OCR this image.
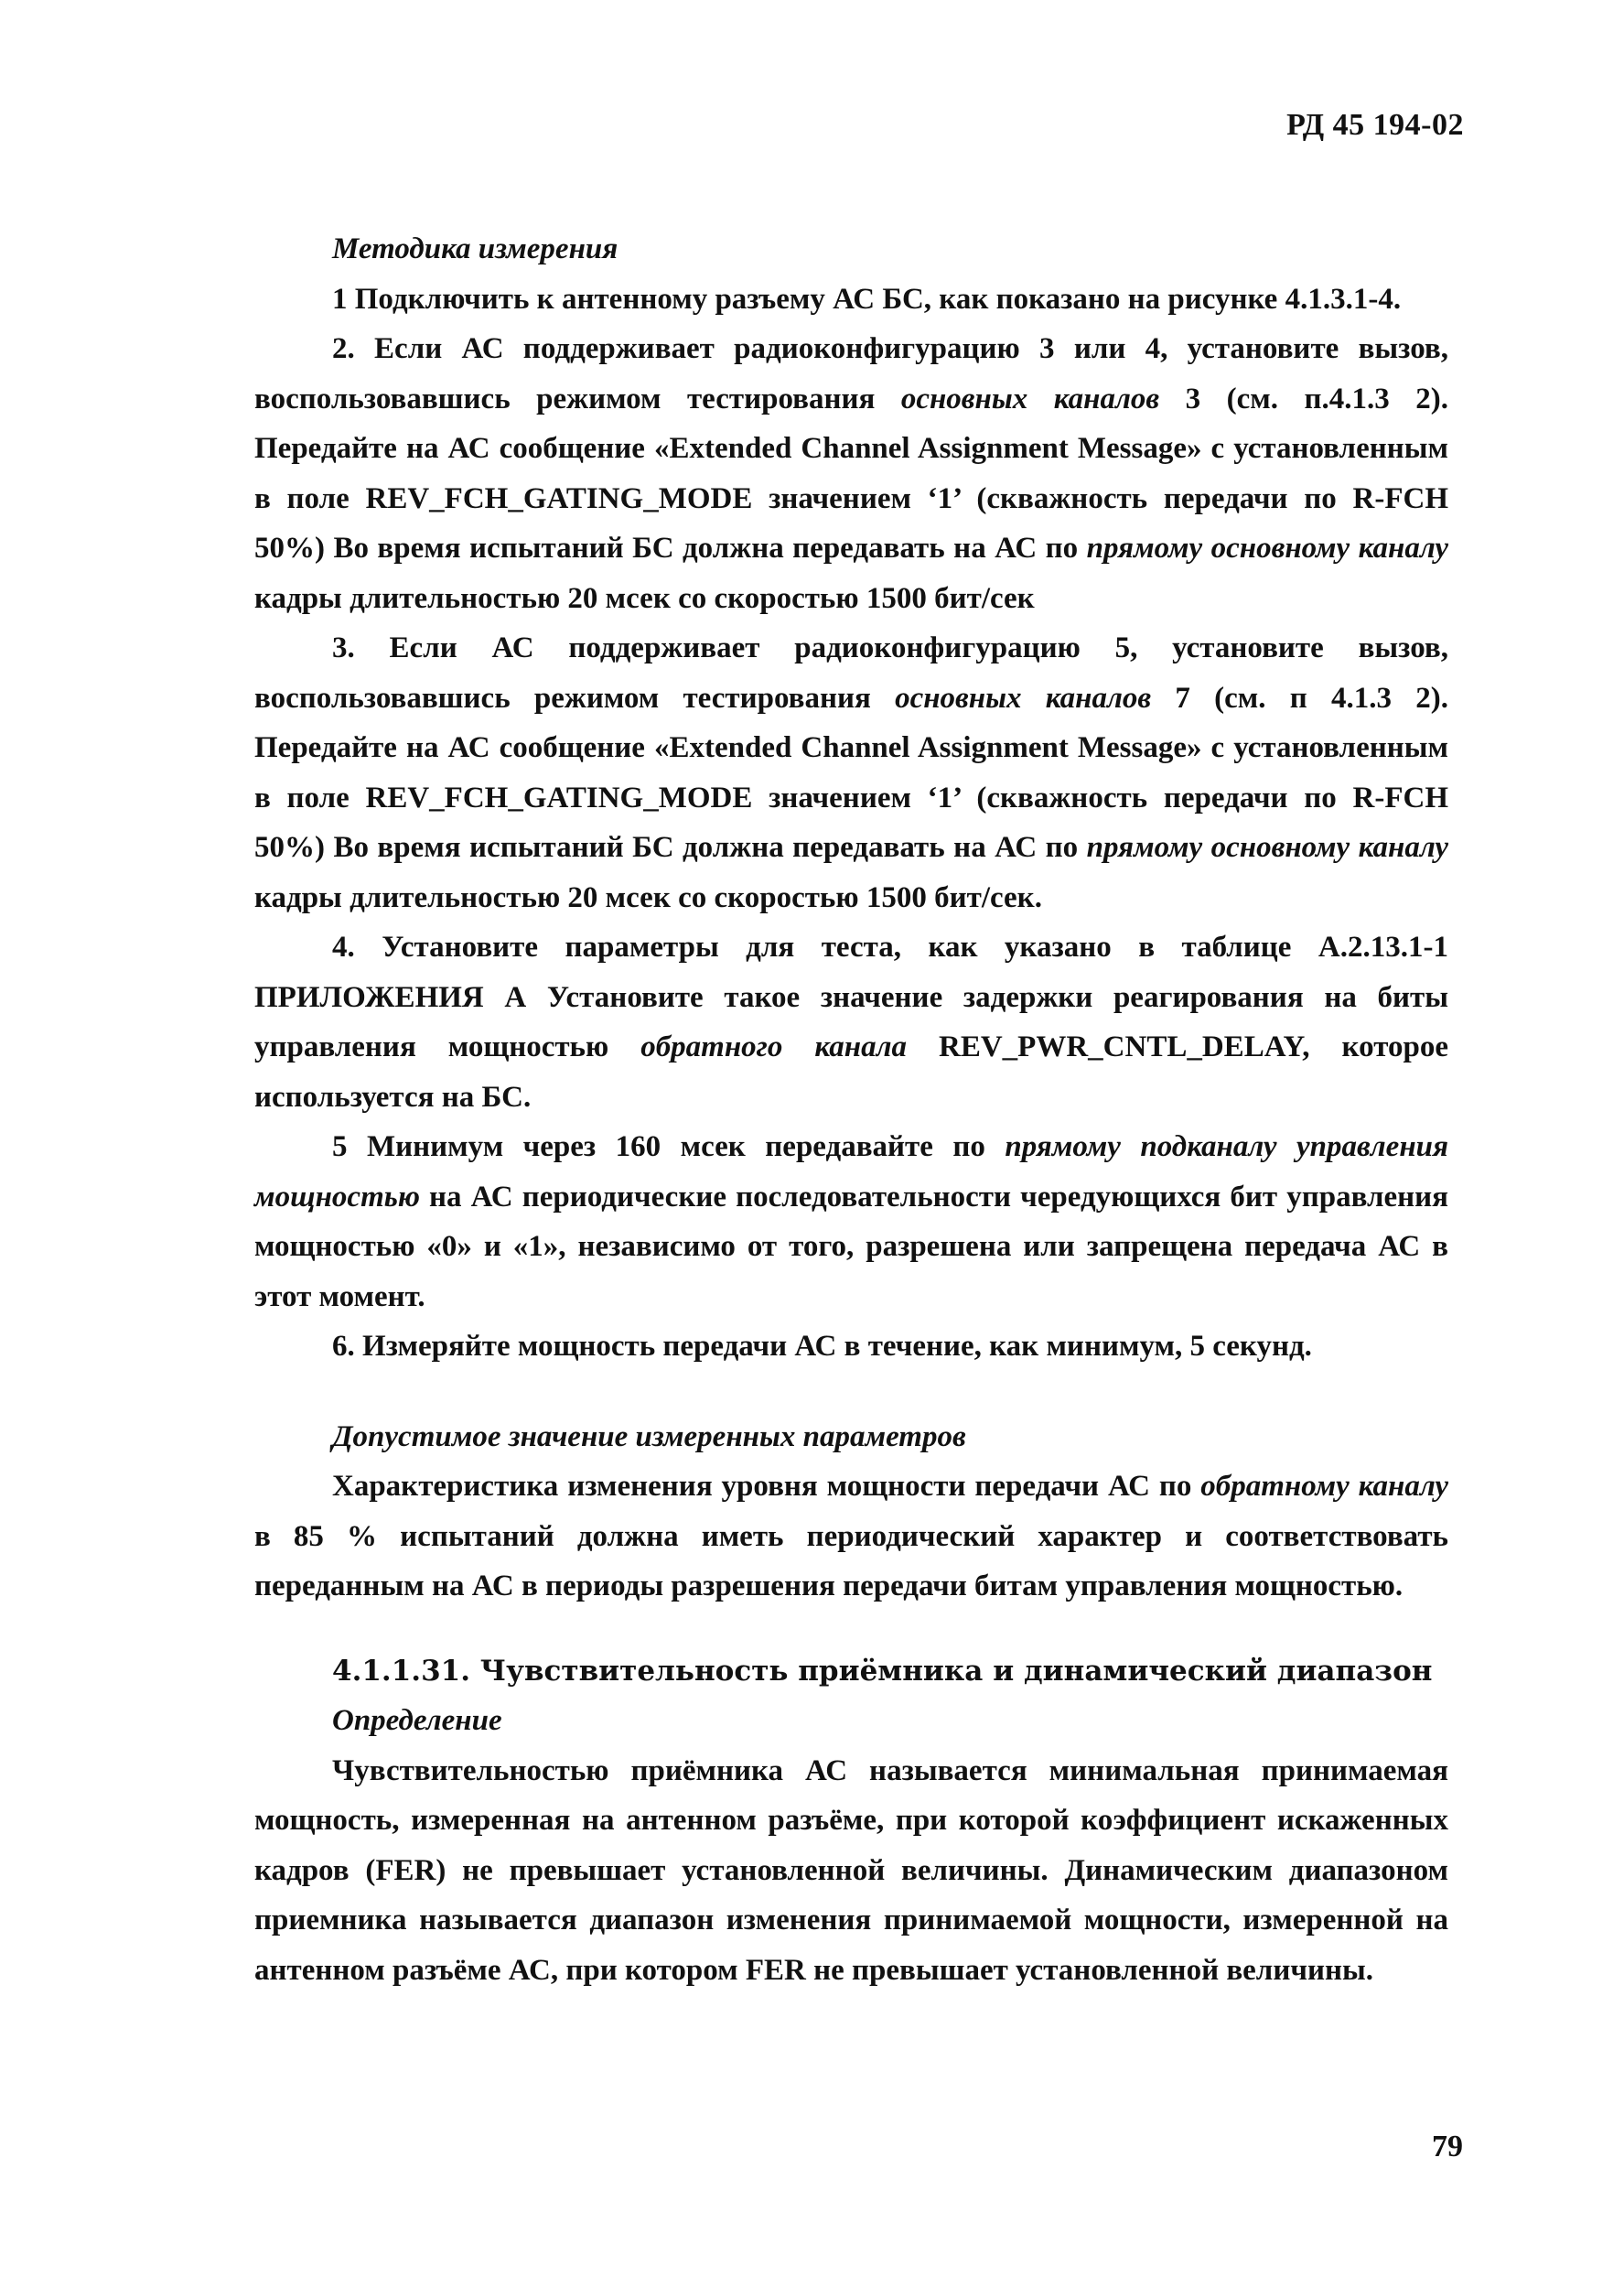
РД 45 194-02

Методика измерения

1 Подключить к антенному разъему АС БС, как показано на рисунке 4.1.3.1-4.

2. Если АС поддерживает радиоконфигурацию 3 или 4, установите вызов, воспользовавшись режимом тестирования основных каналов 3 (см. п.4.1.3 2). Передайте на АС сообщение «Extended Channel Assignment Message» с установленным в поле REV_FCH_GATING_MODE значением ‘1’ (скважность передачи по R-FCH 50%) Во время испытаний БС должна передавать на АС по прямому основному каналу кадры длительностью 20 мсек со скоростью 1500 бит/сек

3. Если АС поддерживает радиоконфигурацию 5, установите вызов, воспользовавшись режимом тестирования основных каналов 7 (см. п 4.1.3 2). Передайте на АС сообщение «Extended Channel Assignment Message» с установленным в поле REV_FCH_GATING_MODE значением ‘1’ (скважность передачи по R-FCH 50%) Во время испытаний БС должна передавать на АС по прямому основному каналу кадры длительностью 20 мсек со скоростью 1500 бит/сек.

4. Установите параметры для теста, как указано в таблице А.2.13.1-1 ПРИЛОЖЕНИЯ А Установите такое значение задержки реагирования на биты управления мощностью обратного канала REV_PWR_CNTL_DELAY, которое используется на БС.

5 Минимум через 160 мсек передавайте по прямому подканалу управления мощностью на АС периодические последовательности чередующихся бит управления мощностью «0» и «1», независимо от того, разрешена или запрещена передача АС в этот момент.

6. Измеряйте мощность передачи АС в течение, как минимум, 5 секунд.

Допустимое значение измеренных параметров

Характеристика изменения уровня мощности передачи АС по обратному каналу в 85 % испытаний должна иметь периодический характер и соответствовать переданным на АС в периоды разрешения передачи битам управления мощностью.

4.1.1.31. Чувствительность приёмника и динамический диапазон

Определение

Чувствительностью приёмника АС называется минимальная принимаемая мощность, измеренная на антенном разъёме, при которой коэффициент искаженных кадров (FER) не превышает установленной величины. Динамическим диапазоном приемника называется диапазон изменения принимаемой мощности, измеренной на антенном разъёме АС, при котором FER не превышает установленной величины.

79
